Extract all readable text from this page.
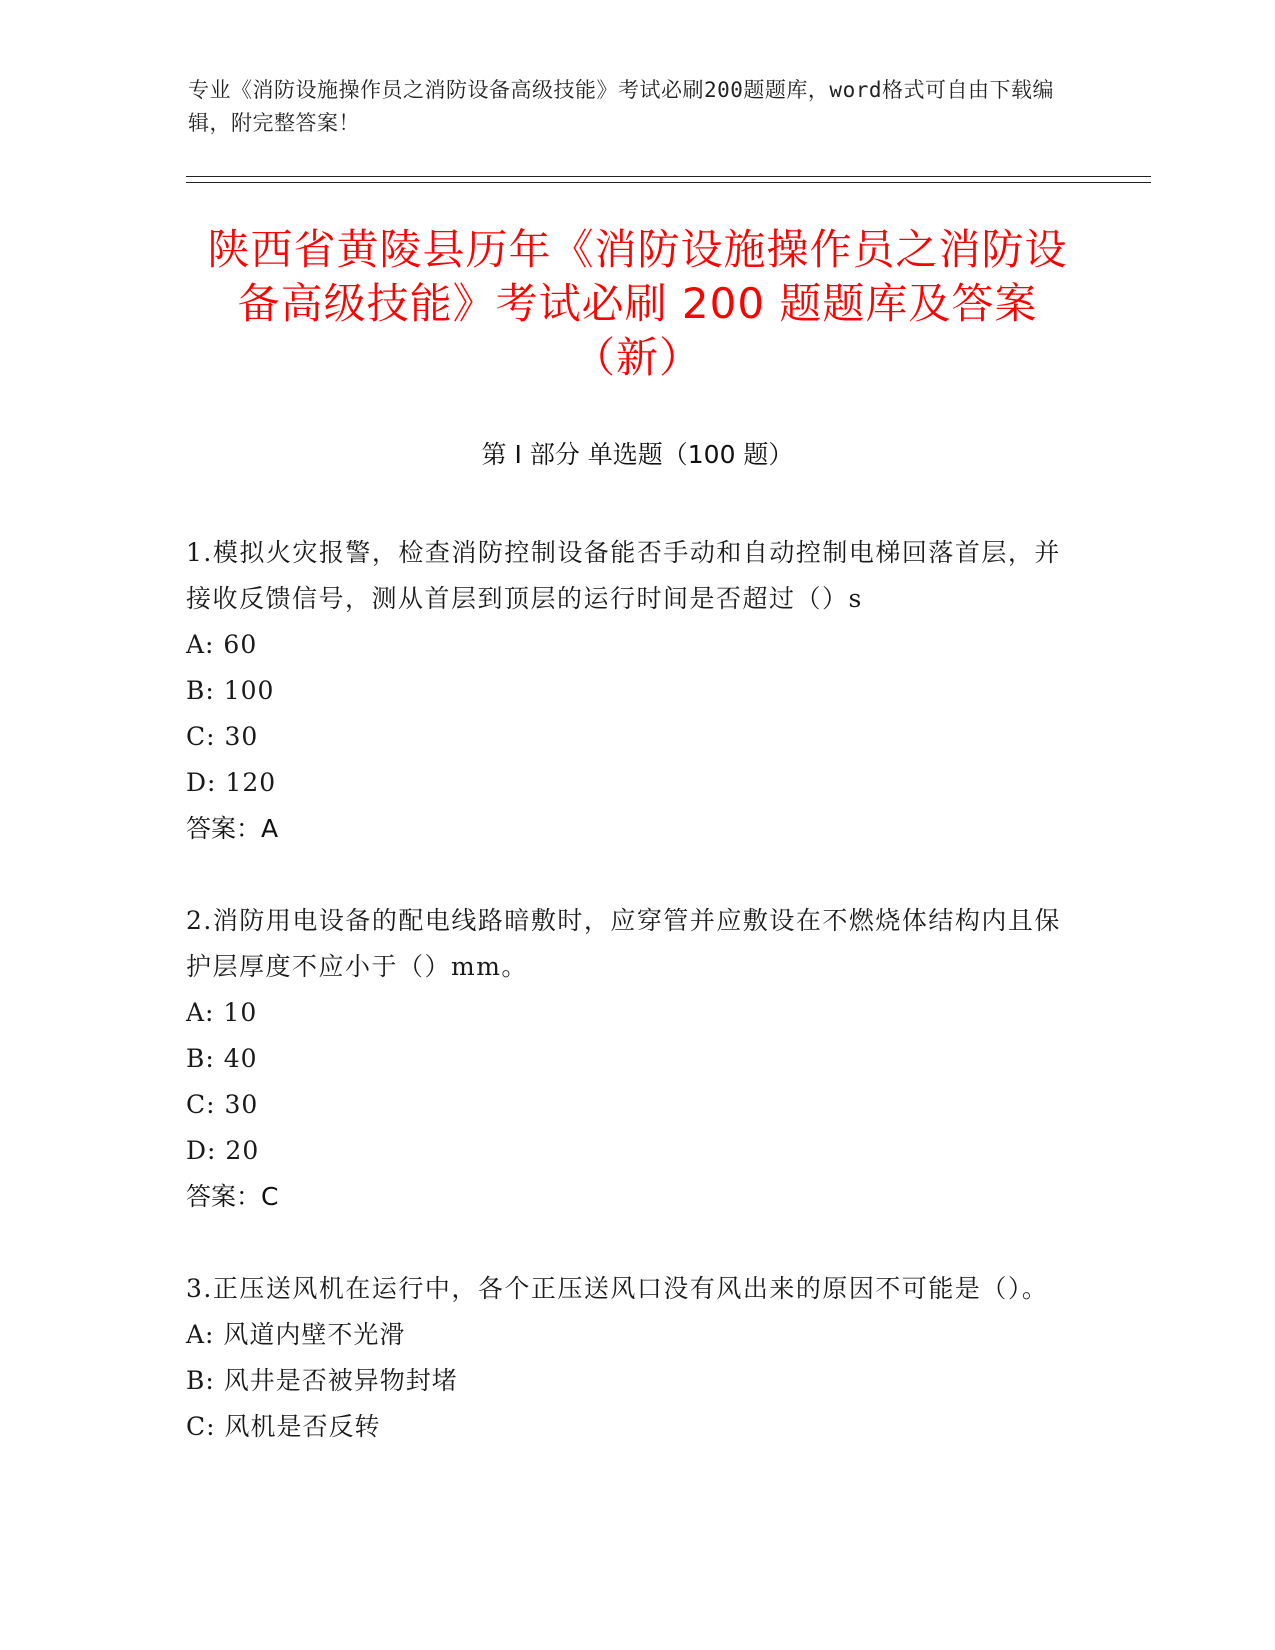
专业《消防设施操作员之消防设备高级技能》考试必刷200题题库，word格式可自由下载编辑，附完整答案！
陕西省黄陵县历年《消防设施操作员之消防设备高级技能》考试必刷 200 题题库及答案（新）
第 I 部分 单选题（100 题）
1.模拟火灾报警，检查消防控制设备能否手动和自动控制电梯回落首层，并接收反馈信号，测从首层到顶层的运行时间是否超过（）s
A: 60
B: 100
C: 30
D: 120
答案：A
2.消防用电设备的配电线路暗敷时，应穿管并应敷设在不燃烧体结构内且保护层厚度不应小于（）mm。
A: 10
B: 40
C: 30
D: 20
答案：C
3.正压送风机在运行中，各个正压送风口没有风出来的原因不可能是（）。
A: 风道内壁不光滑
B: 风井是否被异物封堵
C: 风机是否反转
